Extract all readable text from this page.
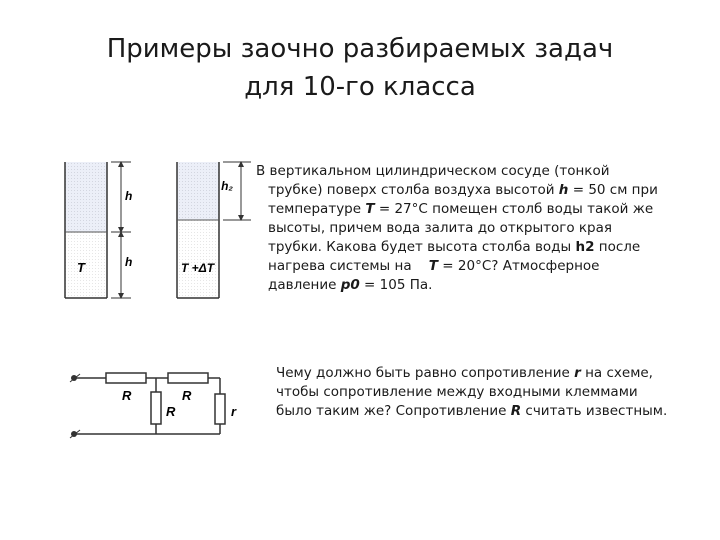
Примеры заочно разбираемых задач
для 10-го класса
h
h
T
h₂
T +ΔT
В вертикальном цилиндрическом сосуде (тонкой
трубке) поверх столба воздуха высотой h = 50 см при
температуре T = 27°C помещен столб воды такой же
высоты, причем вода залита до открытого края
трубки. Какова будет высота столба воды h2 после
нагрева системы на    T = 20°C? Атмосферное
давление p0 = 105 Па.
R	R
R	r
Чему должно быть равно сопротивление r на схеме,
чтобы сопротивление между входными клеммами
было таким же? Сопротивление R считать известным.
